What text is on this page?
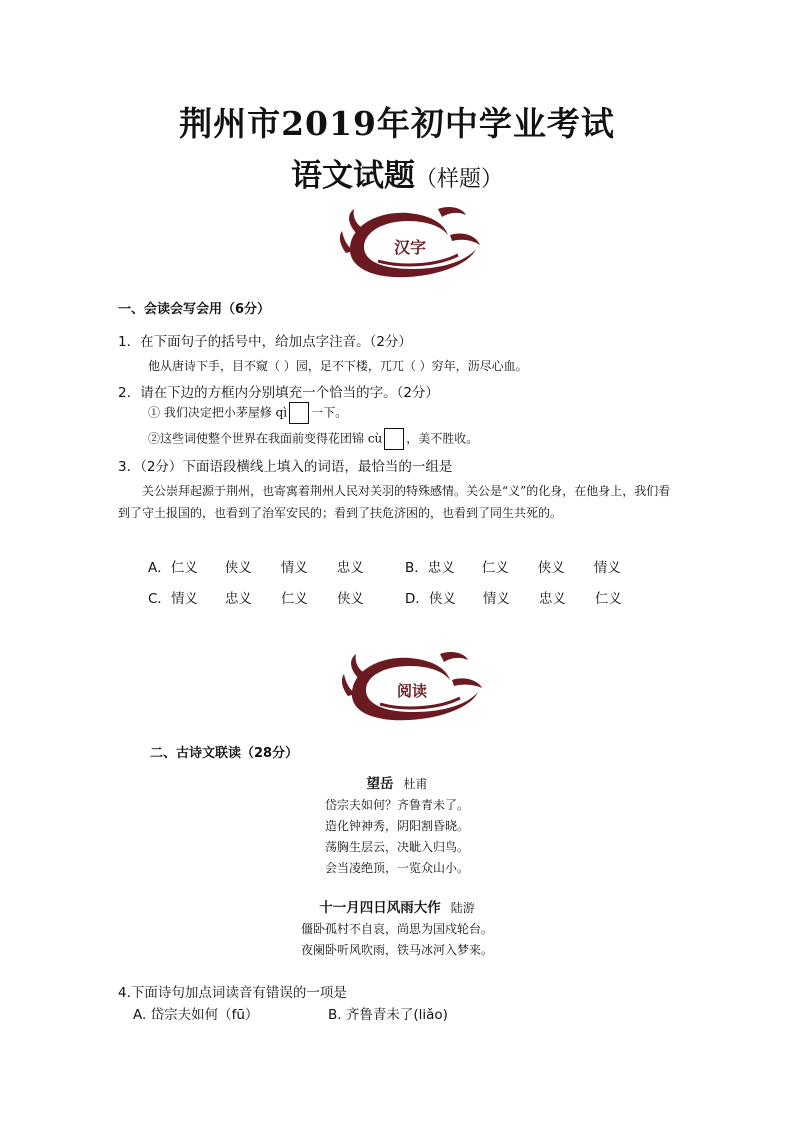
荆州市2019年初中学业考试
语文试题（样题）
汉字
一、会读会写会用（6分）
1．在下面句子的括号中，给加点字注音。（2分）
他从唐诗下手，目不窥（ ）园，足不下楼，兀兀（ ）穷年，沥尽心血。
2．请在下边的方框内分别填充一个恰当的字。（2分）
① 我们决定把小茅屋修 qì 一下。
②这些词使整个世界在我面前变得花团锦 cù ，美不胜收。
3．（2分）下面语段横线上填入的词语，最恰当的一组是
关公崇拜起源于荆州，也寄寓着荆州人民对关羽的特殊感情。关公是“义”的化身，在他身上，我们看到了守土报国的，也看到了治军安民的；看到了扶危济困的，也看到了同生共死的。
A．仁义 侠义 情义 忠义	B．忠义 仁义 侠义 情义
C．情义 忠义 仁义 侠义	D．侠义 情义 忠义 仁义
阅读
二、古诗文联读（28分）
望岳 杜甫
岱宗夫如何？齐鲁青未了。
造化钟神秀，阴阳割昏晓。
荡胸生层云，决眦入归鸟。
会当凌绝顶，一览众山小。
十一月四日风雨大作 陆游
僵卧孤村不自哀，尚思为国戍轮台。
夜阑卧听风吹雨，铁马冰河入梦来。
4.下面诗句加点词读音有错误的一项是
A. 岱宗夫如何（fū）	B. 齐鲁青未了(liǎo)
